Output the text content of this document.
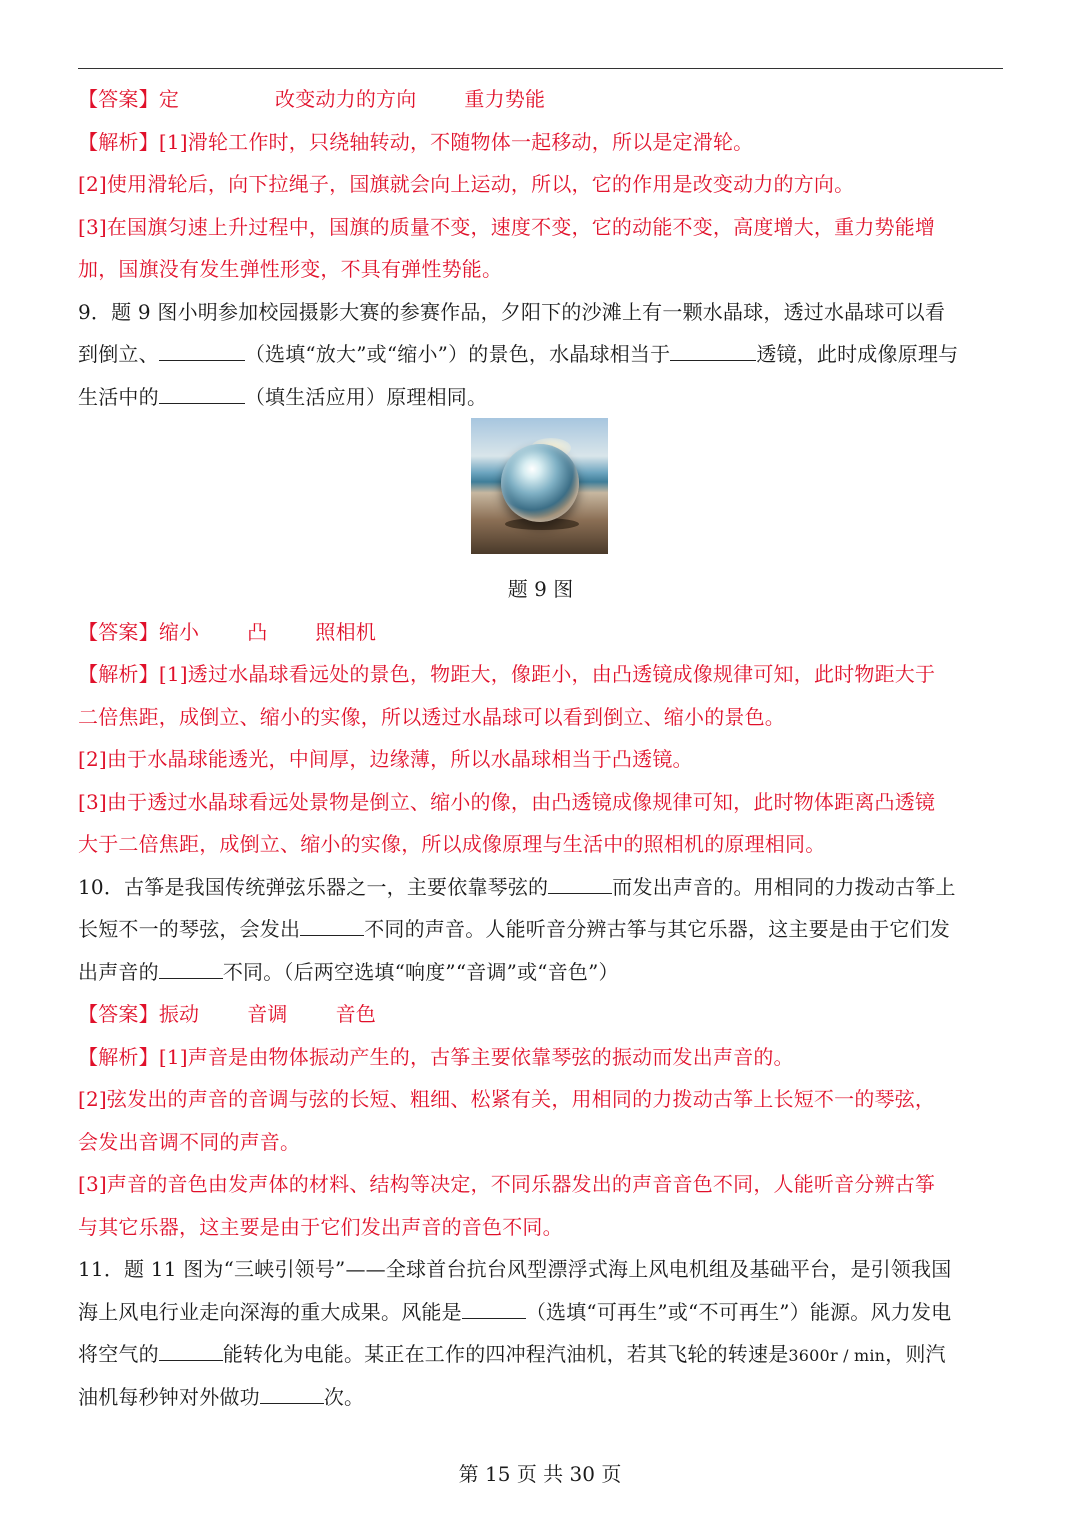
【答案】定	改变动力的方向 重力势能
【解析】[1]滑轮工作时，只绕轴转动，不随物体一起移动，所以是定滑轮。
[2]使用滑轮后，向下拉绳子，国旗就会向上运动，所以，它的作用是改变动力的方向。
[3]在国旗匀速上升过程中，国旗的质量不变，速度不变，它的动能不变，高度增大，重力势能增
加，国旗没有发生弹性形变，不具有弹性势能。
9．题 9 图小明参加校园摄影大赛的参赛作品，夕阳下的沙滩上有一颗水晶球，透过水晶球可以看
到倒立、	（选填“放大”或“缩小”）的景色，水晶球相当于	透镜，此时成像原理与
生活中的	（填生活应用）原理相同。
题 9 图
【答案】缩小 凸 照相机
【解析】[1]透过水晶球看远处的景色，物距大，像距小，由凸透镜成像规律可知，此时物距大于
二倍焦距，成倒立、缩小的实像，所以透过水晶球可以看到倒立、缩小的景色。
[2]由于水晶球能透光，中间厚，边缘薄，所以水晶球相当于凸透镜。
[3]由于透过水晶球看远处景物是倒立、缩小的像，由凸透镜成像规律可知，此时物体距离凸透镜
大于二倍焦距，成倒立、缩小的实像，所以成像原理与生活中的照相机的原理相同。
10．古筝是我国传统弹弦乐器之一，主要依靠琴弦的	而发出声音的。用相同的力拨动古筝上
长短不一的琴弦，会发出	不同的声音。人能听音分辨古筝与其它乐器，这主要是由于它们发
出声音的	不同。（后两空选填“响度”“音调”或“音色”）
【答案】振动 音调 音色
【解析】[1]声音是由物体振动产生的，古筝主要依靠琴弦的振动而发出声音的。
[2]弦发出的声音的音调与弦的长短、粗细、松紧有关，用相同的力拨动古筝上长短不一的琴弦，
会发出音调不同的声音。
[3]声音的音色由发声体的材料、结构等决定，不同乐器发出的声音音色不同，人能听音分辨古筝
与其它乐器，这主要是由于它们发出声音的音色不同。
11．题 11 图为“三峡引领号”——全球首台抗台风型漂浮式海上风电机组及基础平台，是引领我国
海上风电行业走向深海的重大成果。风能是	（选填“可再生”或“不可再生”）能源。风力发电
将空气的	能转化为电能。某正在工作的四冲程汽油机，若其飞轮的转速是3600r / min，则汽
油机每秒钟对外做功	次。
第 15 页 共 30 页
